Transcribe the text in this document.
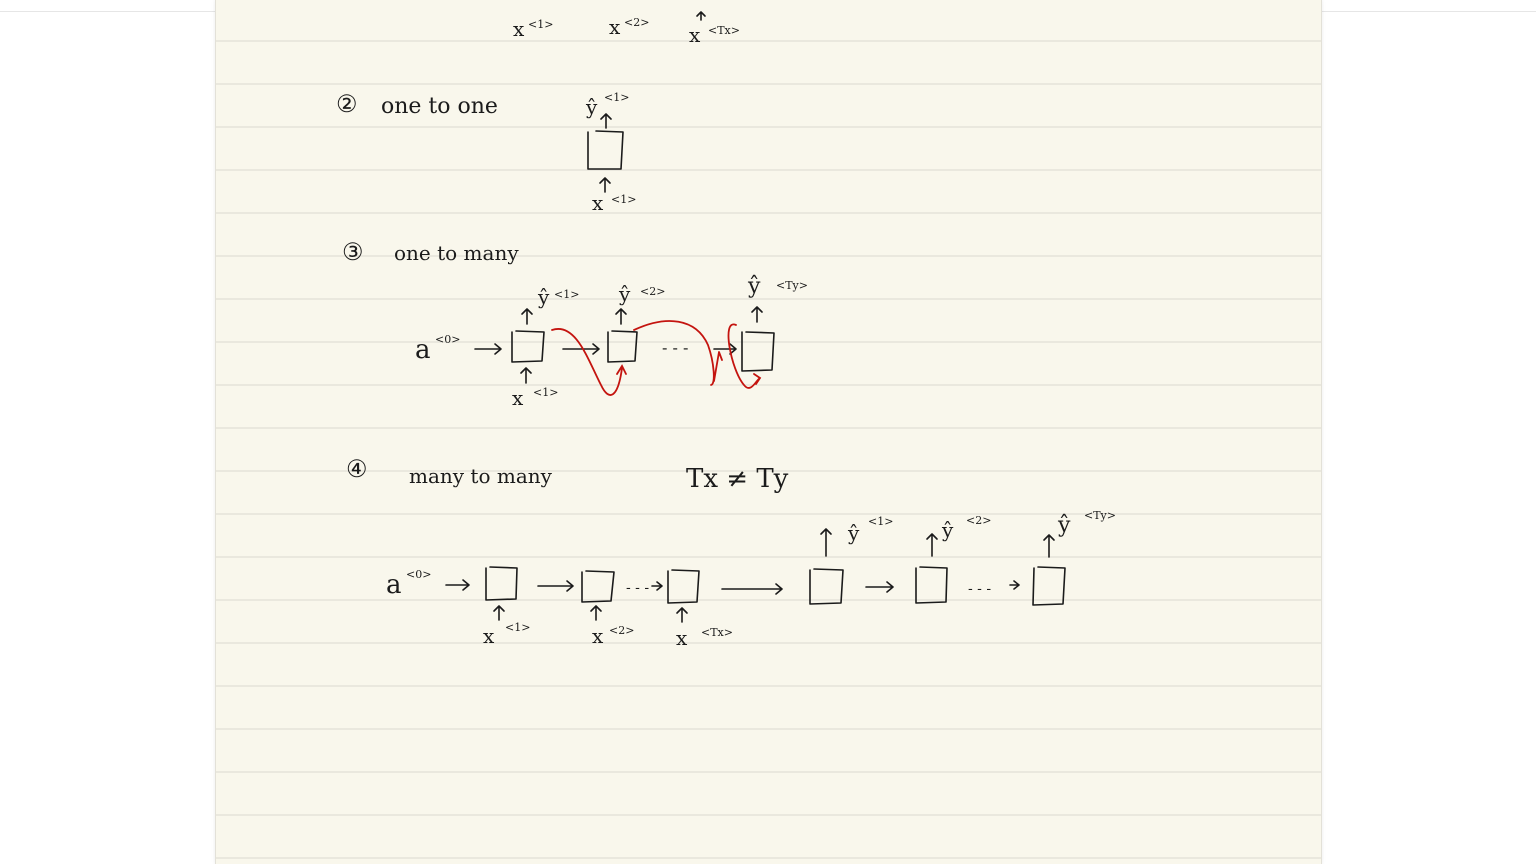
x <1>	x <2>
x <Tx>
② one to one	ŷ <1>
x <1>
③ one to many
a <0>
ŷ <1>
x <1>
ŷ <2>
- - -
ŷ <Ty>
④ many to many	Tx ≠ Ty
a <0>
x <1>	x <2>
- - -
x <Tx>
ŷ <1> ŷ <2>
- - -
ŷ <Ty>
